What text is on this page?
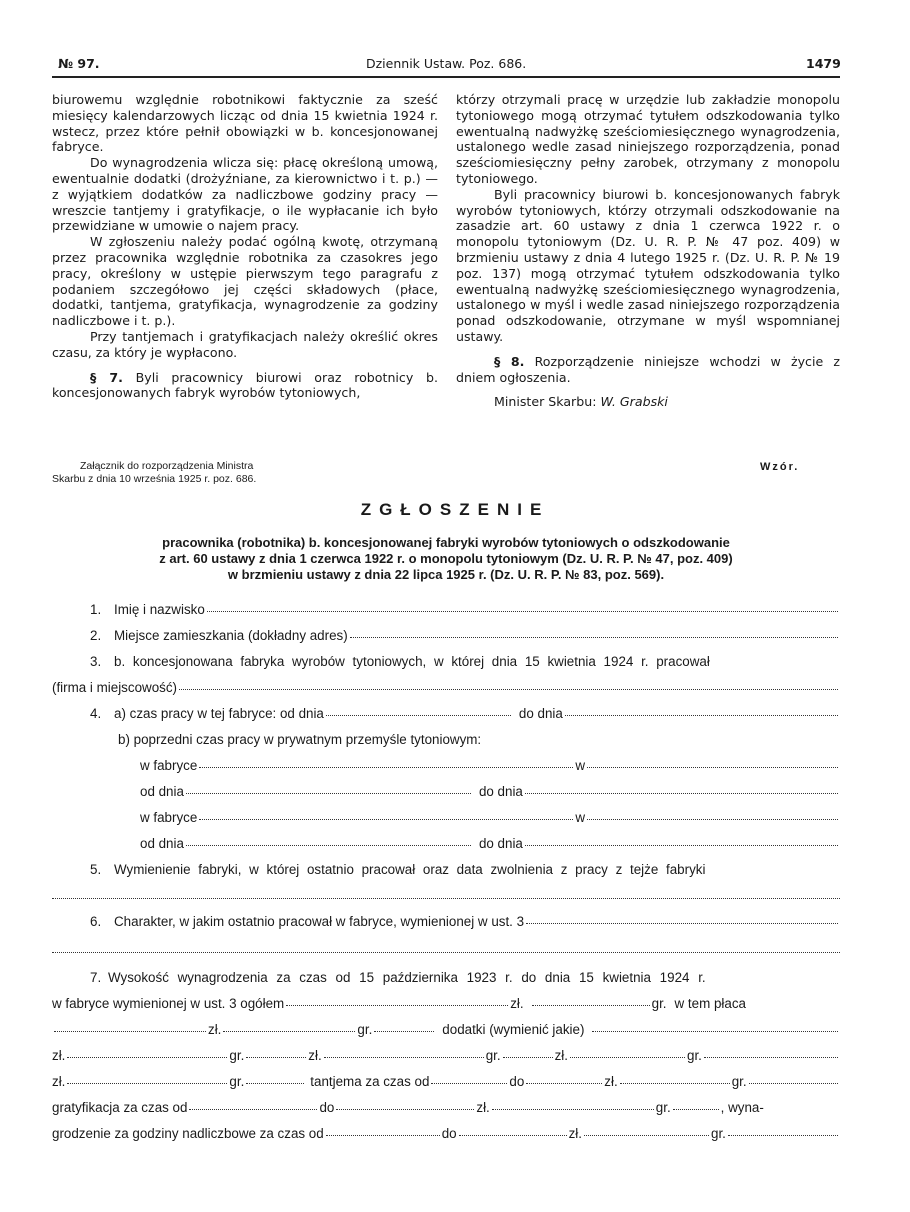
№ 97.	Dziennik Ustaw. Poz. 686.	1479

biurowemu względnie robotnikowi faktycznie za sześć miesięcy kalendarzowych licząc od dnia 15 kwietnia 1924 r. wstecz, przez które pełnił obowiązki w b. koncesjonowanej fabryce.

Do wynagrodzenia wlicza się: płacę określoną umową, ewentualnie dodatki (drożyźniane, za kierownictwo i t. p.) — z wyjątkiem dodatków za nadliczbowe godziny pracy — wreszcie tantjemy i gratyfikacje, o ile wypłacanie ich było przewidziane w umowie o najem pracy.

W zgłoszeniu należy podać ogólną kwotę, otrzymaną przez pracownika względnie robotnika za czasokres jego pracy, określony w ustępie pierwszym tego paragrafu z podaniem szczegółowo jej części składowych (płace, dodatki, tantjema, gratyfikacja, wynagrodzenie za godziny nadliczbowe i t. p.).

Przy tantjemach i gratyfikacjach należy określić okres czasu, za który je wypłacono.

§ 7. Byli pracownicy biurowi oraz robotnicy b. koncesjonowanych fabryk wyrobów tytoniowych,

którzy otrzymali pracę w urzędzie lub zakładzie monopolu tytoniowego mogą otrzymać tytułem odszkodowania tylko ewentualną nadwyżkę sześciomiesięcznego wynagrodzenia, ustalonego wedle zasad niniejszego rozporządzenia, ponad sześciomiesięczny pełny zarobek, otrzymany z monopolu tytoniowego.

Byli pracownicy biurowi b. koncesjonowanych fabryk wyrobów tytoniowych, którzy otrzymali odszkodowanie na zasadzie art. 60 ustawy z dnia 1 czerwca 1922 r. o monopolu tytoniowym (Dz. U. R. P. № 47 poz. 409) w brzmieniu ustawy z dnia 4 lutego 1925 r. (Dz. U. R. P. № 19 poz. 137) mogą otrzymać tytułem odszkodowania tylko ewentualną nadwyżkę sześciomiesięcznego wynagrodzenia, ustalonego w myśl i wedle zasad niniejszego rozporządzenia ponad odszkodowanie, otrzymane w myśl wspomnianej ustawy.

§ 8. Rozporządzenie niniejsze wchodzi w życie z dniem ogłoszenia.

Minister Skarbu: W. Grabski

Załącznik do rozporządzenia Ministra
Skarbu z dnia 10 września 1925 r. poz. 686.
Wzór.
ZGŁOSZENIE
pracownika (robotnika) b. koncesjonowanej fabryki wyrobów tytoniowych o odszkodowanie
z art. 60 ustawy z dnia 1 czerwca 1922 r. o monopolu tytoniowym (Dz. U. R. P. № 47, poz. 409)
w brzmieniu ustawy z dnia 22 lipca 1925 r. (Dz. U. R. P. № 83, poz. 569).
1. Imię i nazwisko
2. Miejsce zamieszkania (dokładny adres)
3. b. koncesjonowana fabryka wyrobów tytoniowych, w której dnia 15 kwietnia 1924 r. pracował
(firma i miejscowość)
4. a) czas pracy w tej fabryce: od dnia	do dnia
b) poprzedni czas pracy w prywatnym przemyśle tytoniowym:
w fabryce	w
od dnia	do dnia
w fabryce	w
od dnia	do dnia
5. Wymienienie fabryki, w której ostatnio pracował oraz data zwolnienia z pracy z tejże fabryki
6. Charakter, w jakim ostatnio pracował w fabryce, wymienionej w ust. 3
7. Wysokość wynagrodzenia za czas od 15 października 1923 r. do dnia 15 kwietnia 1924 r.
w fabryce wymienionej w ust. 3 ogółem	zł.	gr. w tem płaca
zł.	gr.	dodatki (wymienić jakie)
zł.	gr.	zł.	gr.	zł.	gr.
zł.	gr.	tantjema za czas od	do	zł.	gr.
gratyfikacja za czas od	do	zł.	gr.	, wyna-
grodzenie za godziny nadliczbowe za czas od	do	zł.	gr.
